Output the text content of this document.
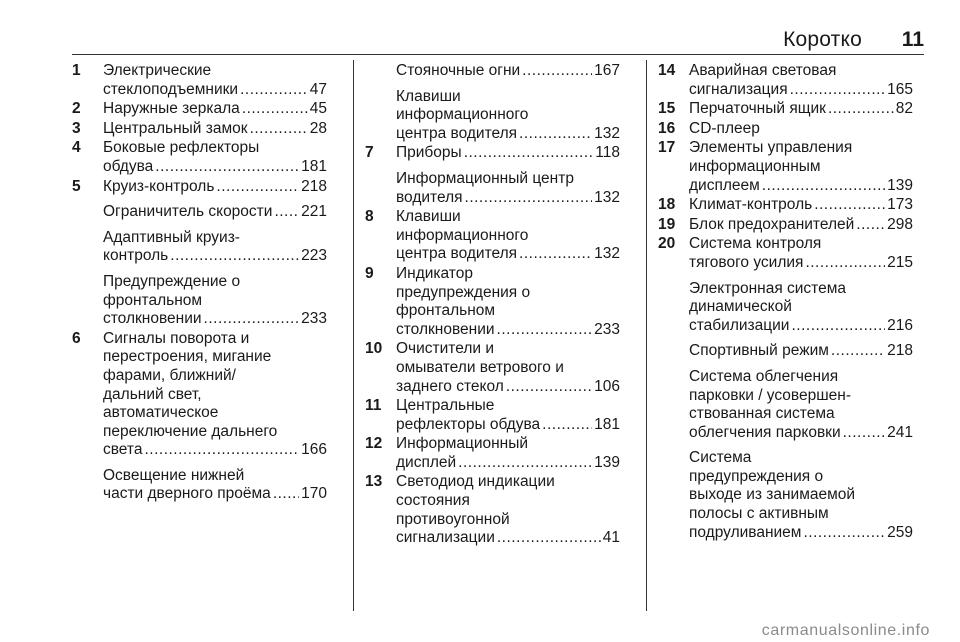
Коротко 11
1	Электрические
стеклоподъемники .....	47
2	Наружные зеркала .....	45
3	Центральный замок .....	28
4	Боковые рефлекторы
обдува .....	181
5	Круиз-контроль .....	218
Ограничитель скорости ..... 221
Адаптивный круиз-
контроль .....	223
Предупреждение о
фронтальном
столкновении .....	233
6	Сигналы поворота и
перестроения, мигание
фарами, ближний/
дальний свет,
автоматическое
переключение дальнего
света .....	166
Освещение нижней
части дверного проёма ..... 170
Стояночные огни .....	167
Клавиши
информационного
центра водителя .....	132
7	Приборы .....	118
Информационный центр
водителя .....	132
8	Клавиши
информационного
центра водителя .....	132
9	Индикатор
предупреждения о
фронтальном
столкновении .....	233
10 Очистители и
омыватели ветрового и
заднего стекол .....	106
11 Центральные
рефлекторы обдува .....	181
12 Информационный
дисплей .....	139
13 Светодиод индикации
состояния
противоугонной
сигнализации .....	41
14 Аварийная световая
сигнализация .....	165
15 Перчаточный ящик .....	82
16 CD-плеер
17 Элементы управления
информационным
дисплеем .....	139
18 Климат-контроль .....	173
19 Блок предохранителей ..... 298
20 Система контроля
тягового усилия .....	215
Электронная система
динамической
стабилизации .....	216
Спортивный режим .....	218
Система облегчения
парковки / усовершен-
ствованная система
облегчения парковки .....	241
Система
предупреждения о
выходе из занимаемой
полосы с активным
подруливанием .....	259
carmanualsonline.info
